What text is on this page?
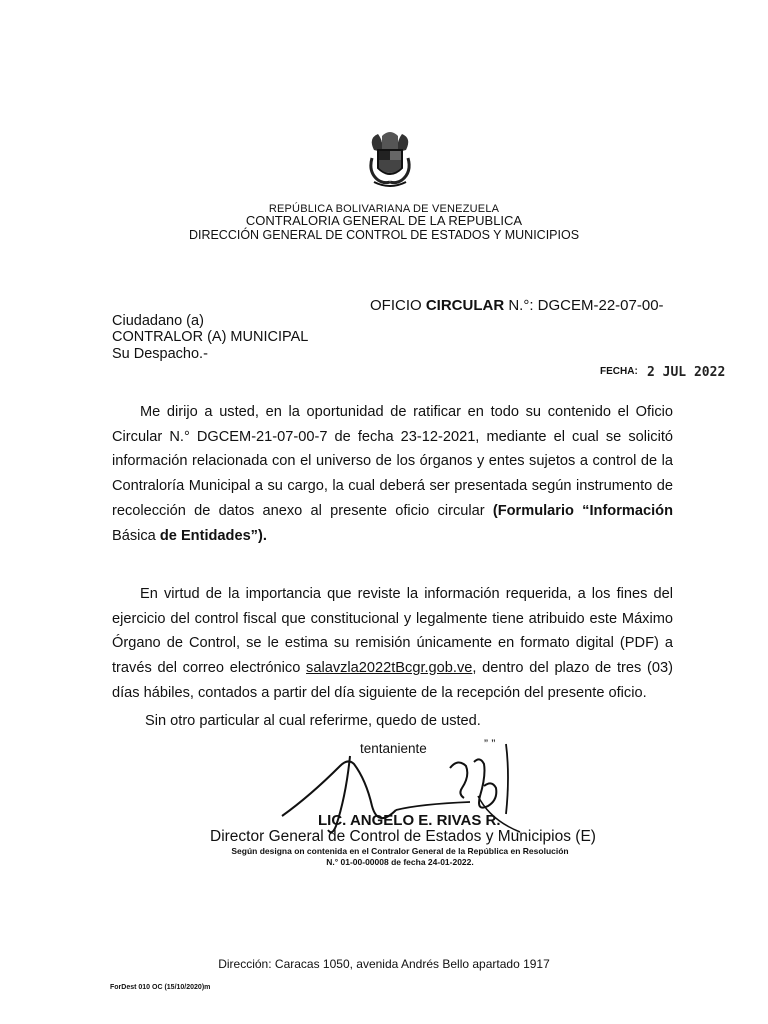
REPÚBLICA BOLIVARIANA DE VENEZUELA
CONTRALORIA GENERAL DE LA REPUBLICA
DIRECCIÓN GENERAL DE CONTROL DE ESTADOS Y MUNICIPIOS
OFICIO CIRCULAR N.°: DGCEM-22-07-00-
Ciudadano (a)
CONTRALOR (A) MUNICIPAL
Su Despacho.-
FECHA: 2 JUL 2022
Me dirijo a usted, en la oportunidad de ratificar en todo su contenido el Oficio Circular N.° DGCEM-21-07-00-7 de fecha 23-12-2021, mediante el cual se solicitó información relacionada con el universo de los órganos y entes sujetos a control de la Contraloría Municipal a su cargo, la cual deberá ser presentada según instrumento de recolección de datos anexo al presente oficio circular (Formulario “Información Básica de Entidades”).
En virtud de la importancia que reviste la información requerida, a los fines del ejercicio del control fiscal que constitucional y legalmente tiene atribuido este Máximo Órgano de Control, se le estima su remisión únicamente en formato digital (PDF) a través del correo electrónico salavzla2022tBcgr.gob.ve, dentro del plazo de tres (03) días hábiles, contados a partir del día siguiente de la recepción del presente oficio.
Sin otro particular al cual referirme, quedo de usted.
tentaniente	” ”
LIC. ANGELO E. RIVAS R.
Director General de Control de Estados y Municipios (E)
Según designa on contenida en el Contralor General de la República en Resolución
N.° 01-00-00008 de fecha 24-01-2022.
Dirección: Caracas 1050, avenida Andrés Bello apartado 1917
ForDest 010 OC (15/10/2020)m
